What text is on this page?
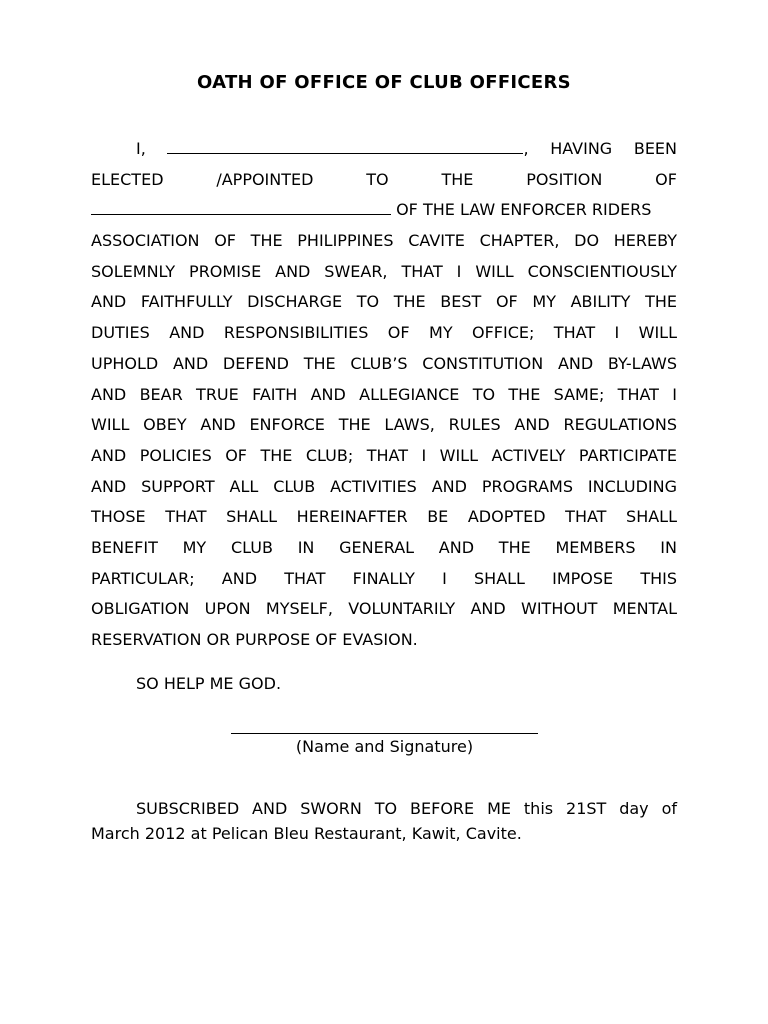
OATH OF OFFICE OF CLUB OFFICERS
I,	, HAVING BEEN
ELECTED	/APPOINTED	TO	THE	POSITION	OF
OF THE LAW ENFORCER RIDERS
ASSOCIATION OF THE PHILIPPINES CAVITE CHAPTER, DO HEREBY
SOLEMNLY PROMISE AND SWEAR, THAT I WILL CONSCIENTIOUSLY
AND FAITHFULLY DISCHARGE TO THE BEST OF MY ABILITY THE
DUTIES AND RESPONSIBILITIES OF MY OFFICE; THAT I WILL
UPHOLD AND DEFEND THE CLUB’S CONSTITUTION AND BY-LAWS
AND BEAR TRUE FAITH AND ALLEGIANCE TO THE SAME; THAT I
WILL OBEY AND ENFORCE THE LAWS, RULES AND REGULATIONS
AND POLICIES OF THE CLUB; THAT I WILL ACTIVELY PARTICIPATE
AND SUPPORT ALL CLUB ACTIVITIES AND PROGRAMS INCLUDING
THOSE THAT SHALL HEREINAFTER BE ADOPTED THAT SHALL
BENEFIT MY CLUB IN GENERAL AND THE MEMBERS IN
PARTICULAR; AND THAT FINALLY I SHALL IMPOSE THIS
OBLIGATION UPON MYSELF, VOLUNTARILY AND WITHOUT MENTAL
RESERVATION OR PURPOSE OF EVASION.
SO HELP ME GOD.
(Name and Signature)
SUBSCRIBED AND SWORN TO BEFORE ME this 21ST day of
March 2012 at Pelican Bleu Restaurant, Kawit, Cavite.
